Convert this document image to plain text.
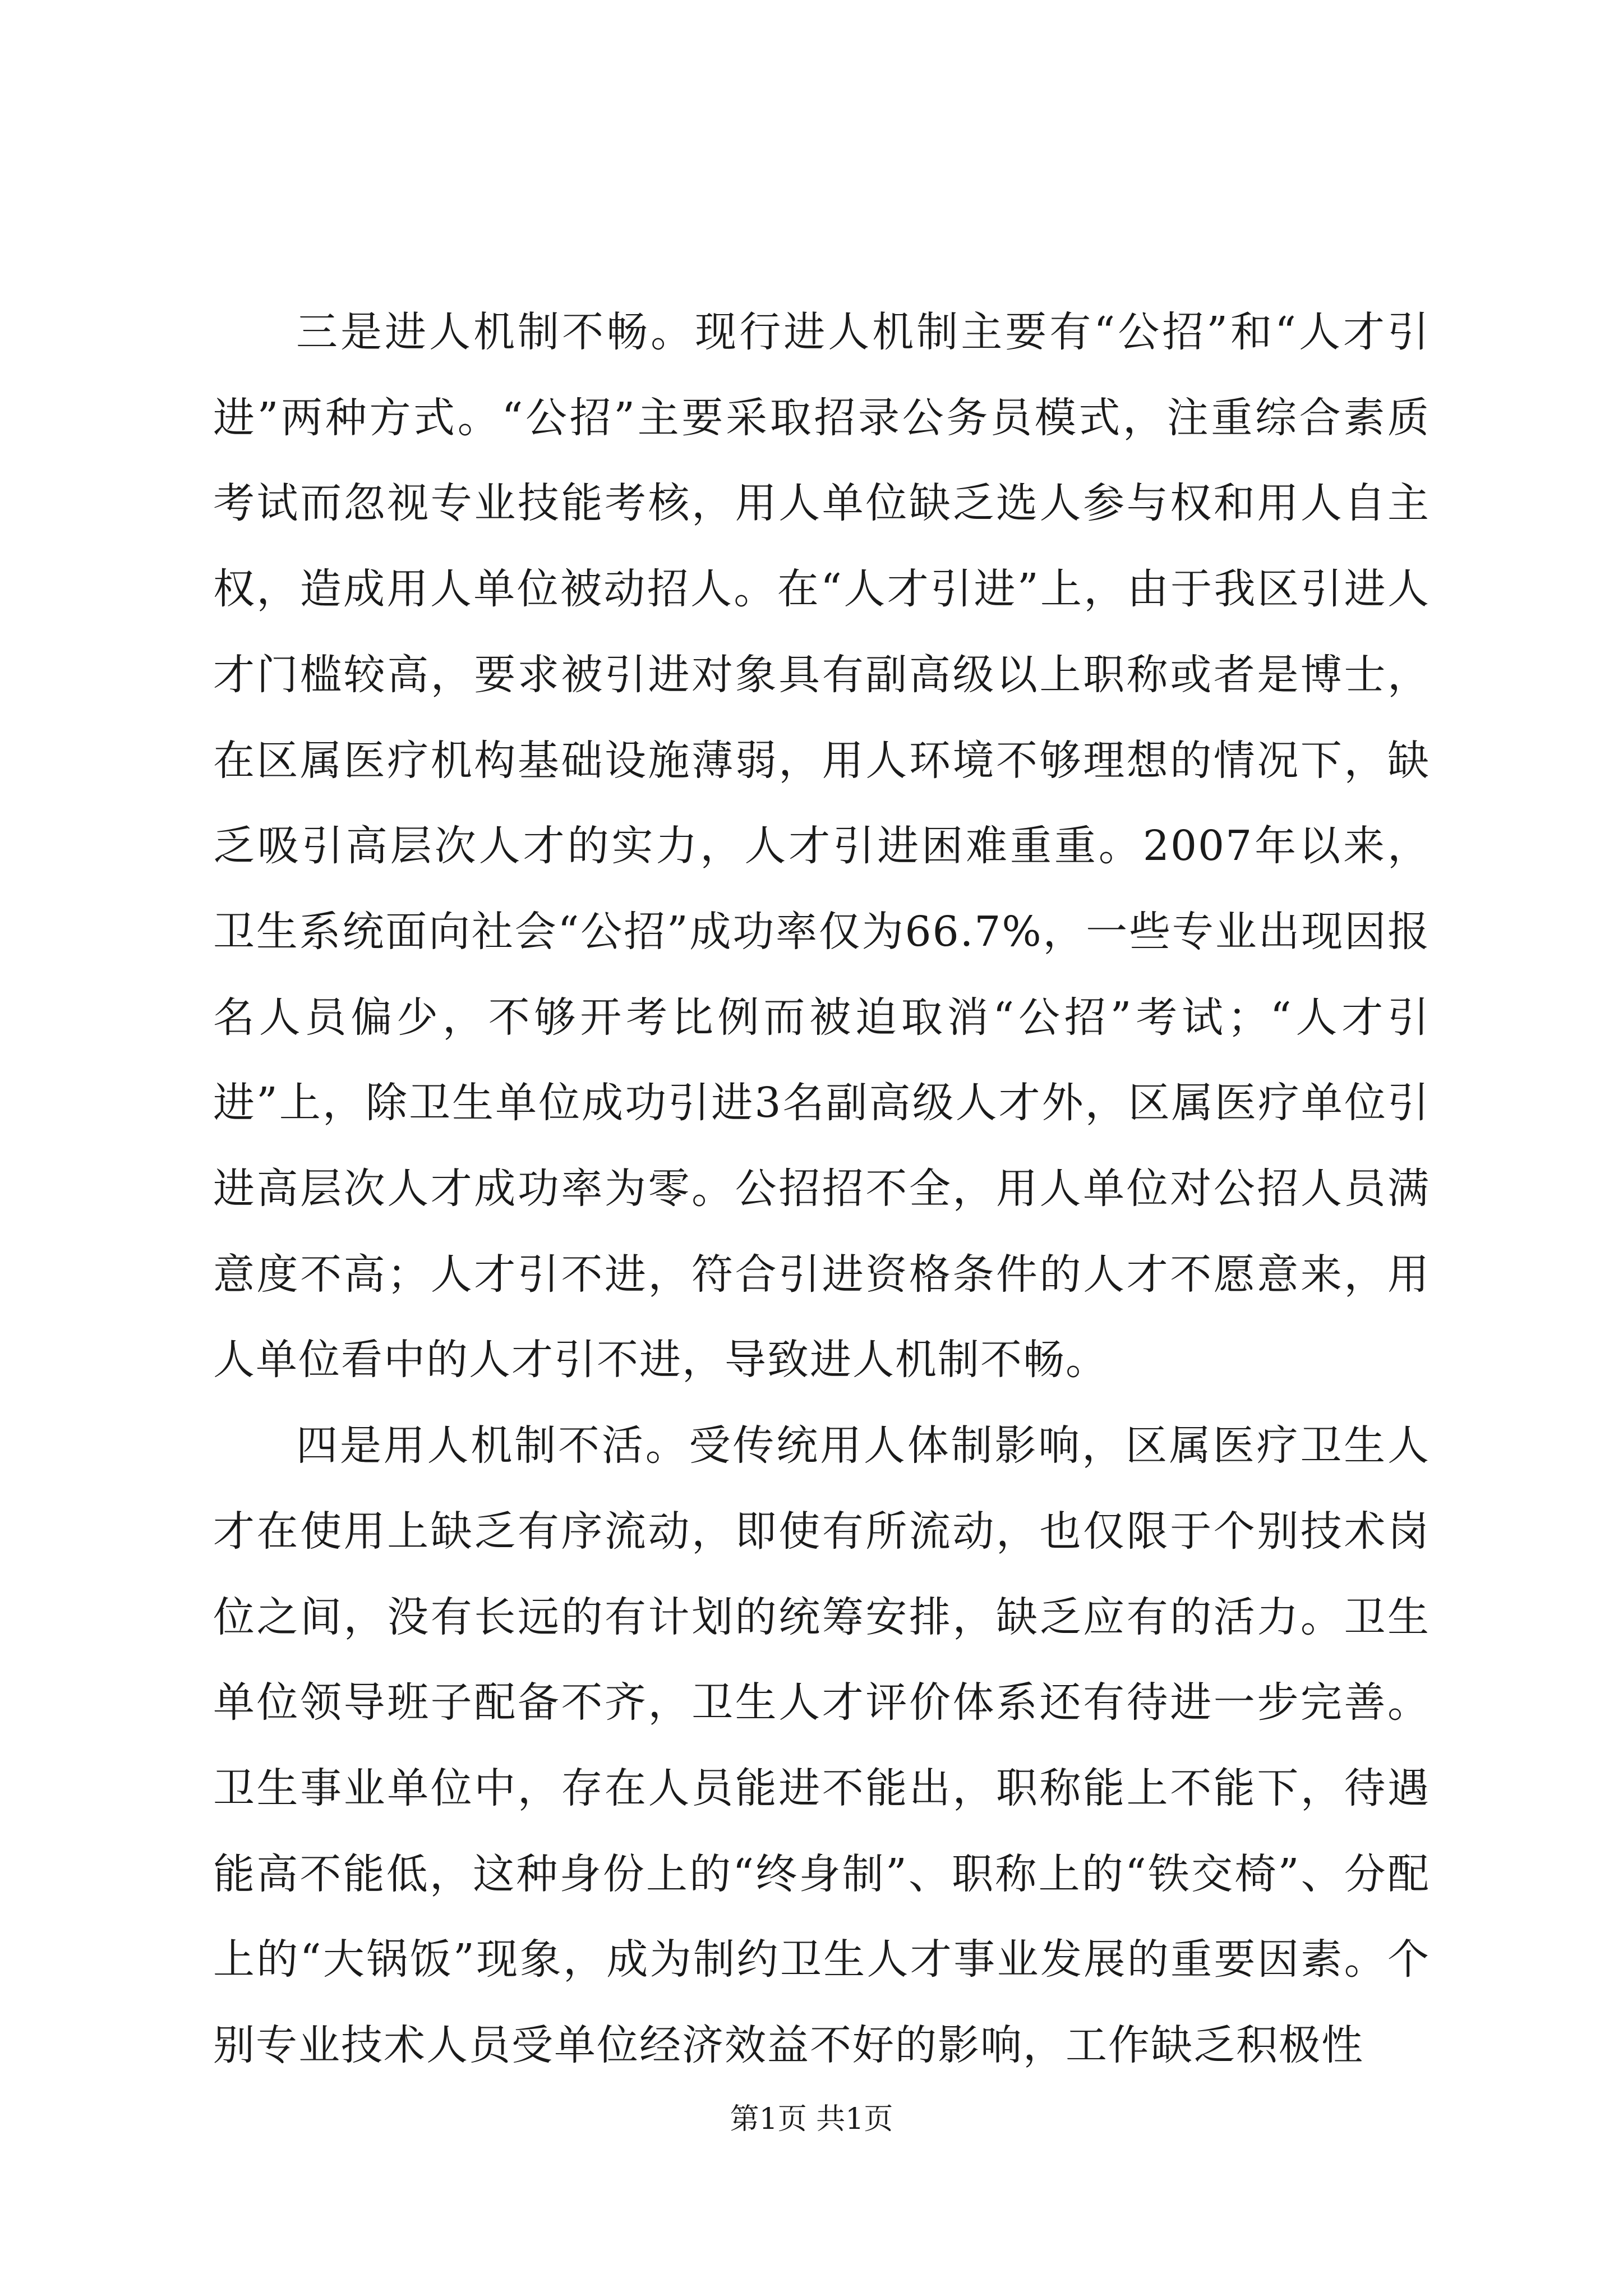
三是进人机制不畅。现行进人机制主要有“公招”和“人才引进”两种方式。“公招”主要采取招录公务员模式，注重综合素质考试而忽视专业技能考核，用人单位缺乏选人参与权和用人自主权，造成用人单位被动招人。在“人才引进”上，由于我区引进人才门槛较高，要求被引进对象具有副高级以上职称或者是博士，在区属医疗机构基础设施薄弱，用人环境不够理想的情况下，缺乏吸引高层次人才的实力，人才引进困难重重。2007年以来，卫生系统面向社会“公招”成功率仅为66.7%，一些专业出现因报名人员偏少，不够开考比例而被迫取消“公招”考试；“人才引进”上，除卫生单位成功引进3名副高级人才外，区属医疗单位引进高层次人才成功率为零。公招招不全，用人单位对公招人员满意度不高；人才引不进，符合引进资格条件的人才不愿意来，用人单位看中的人才引不进，导致进人机制不畅。

四是用人机制不活。受传统用人体制影响，区属医疗卫生人才在使用上缺乏有序流动，即使有所流动，也仅限于个别技术岗位之间，没有长远的有计划的统筹安排，缺乏应有的活力。卫生单位领导班子配备不齐，卫生人才评价体系还有待进一步完善。卫生事业单位中，存在人员能进不能出，职称能上不能下，待遇能高不能低，这种身份上的“终身制”、职称上的“铁交椅”、分配上的“大锅饭”现象，成为制约卫生人才事业发展的重要因素。个别专业技术人员受单位经济效益不好的影响，工作缺乏积极性

第1页 共1页
